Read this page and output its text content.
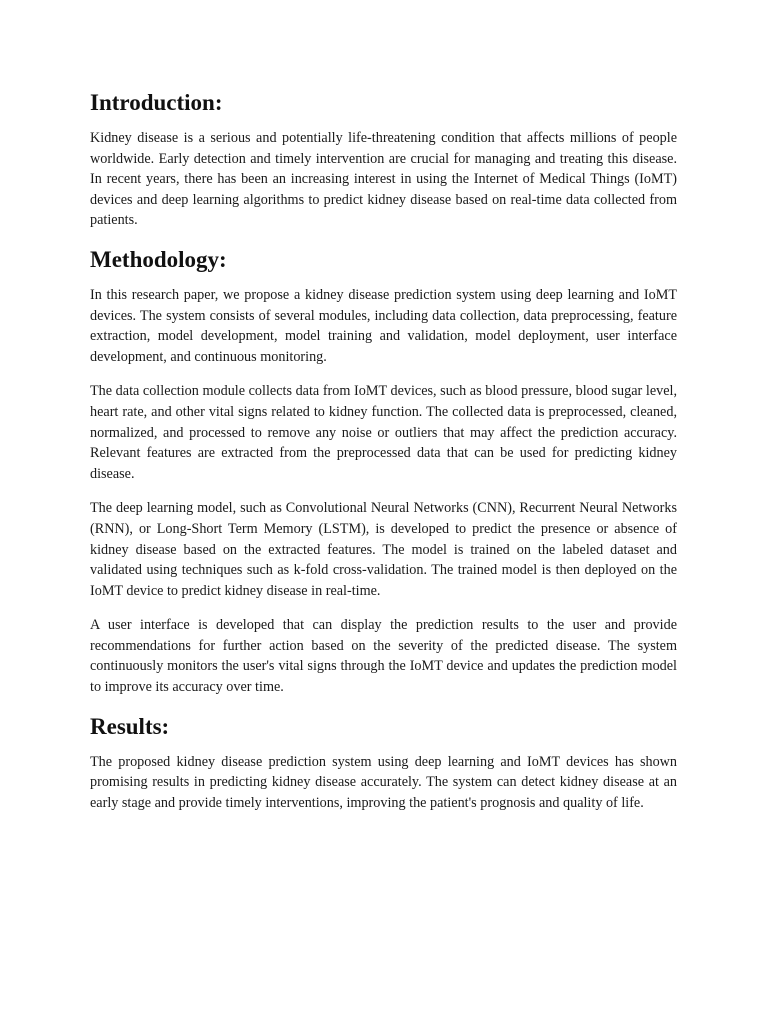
Introduction:

Kidney disease is a serious and potentially life-threatening condition that affects millions of people worldwide. Early detection and timely intervention are crucial for managing and treating this disease. In recent years, there has been an increasing interest in using the Internet of Medical Things (IoMT) devices and deep learning algorithms to predict kidney disease based on real-time data collected from patients.

Methodology:

In this research paper, we propose a kidney disease prediction system using deep learning and IoMT devices. The system consists of several modules, including data collection, data preprocessing, feature extraction, model development, model training and validation, model deployment, user interface development, and continuous monitoring.

The data collection module collects data from IoMT devices, such as blood pressure, blood sugar level, heart rate, and other vital signs related to kidney function. The collected data is preprocessed, cleaned, normalized, and processed to remove any noise or outliers that may affect the prediction accuracy. Relevant features are extracted from the preprocessed data that can be used for predicting kidney disease.

The deep learning model, such as Convolutional Neural Networks (CNN), Recurrent Neural Networks (RNN), or Long-Short Term Memory (LSTM), is developed to predict the presence or absence of kidney disease based on the extracted features. The model is trained on the labeled dataset and validated using techniques such as k-fold cross-validation. The trained model is then deployed on the IoMT device to predict kidney disease in real-time.

A user interface is developed that can display the prediction results to the user and provide recommendations for further action based on the severity of the predicted disease. The system continuously monitors the user's vital signs through the IoMT device and updates the prediction model to improve its accuracy over time.

Results:

The proposed kidney disease prediction system using deep learning and IoMT devices has shown promising results in predicting kidney disease accurately. The system can detect kidney disease at an early stage and provide timely interventions, improving the patient's prognosis and quality of life.
